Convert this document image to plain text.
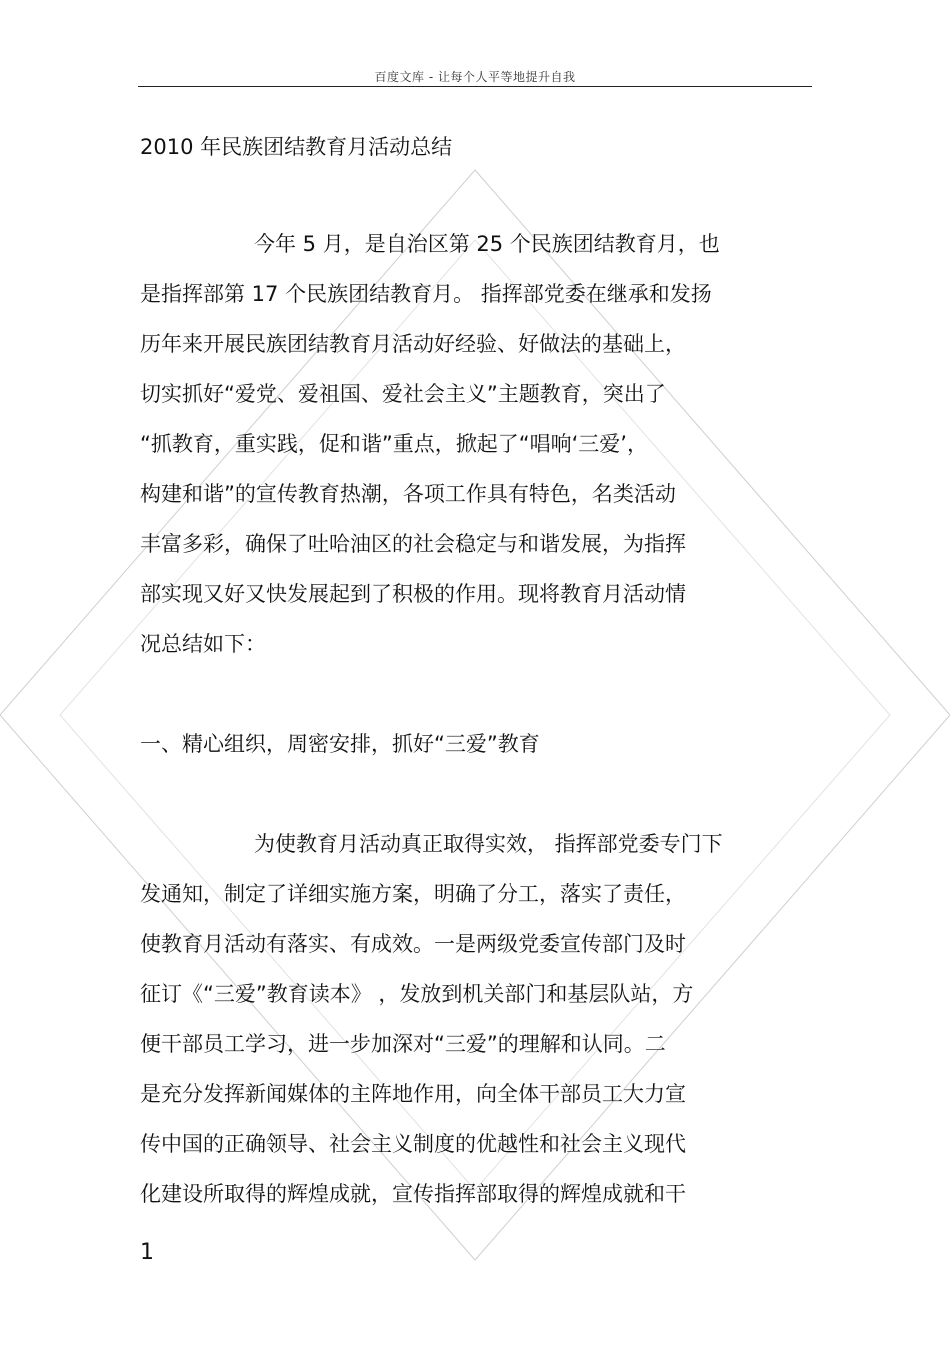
百度文库 - 让每个人平等地提升自我
2010 年民族团结教育月活动总结
今年 5 月，是自治区第 25 个民族团结教育月，也
是指挥部第 17 个民族团结教育月。 指挥部党委在继承和发扬
历年来开展民族团结教育月活动好经验、好做法的基础上，
切实抓好“爱党、爱祖国、爱社会主义”主题教育，突出了
“抓教育，重实践，促和谐”重点，掀起了“唱响‘三爱’，
构建和谐”的宣传教育热潮，各项工作具有特色，名类活动
丰富多彩，确保了吐哈油区的社会稳定与和谐发展，为指挥
部实现又好又快发展起到了积极的作用。现将教育月活动情
况总结如下：
一、精心组织，周密安排，抓好“三爱”教育
为使教育月活动真正取得实效， 指挥部党委专门下
发通知，制定了详细实施方案，明确了分工，落实了责任，
使教育月活动有落实、有成效。一是两级党委宣传部门及时
征订《“三爱”教育读本》 ，发放到机关部门和基层队站，方
便干部员工学习，进一步加深对“三爱”的理解和认同。二
是充分发挥新闻媒体的主阵地作用，向全体干部员工大力宣
传中国的正确领导、社会主义制度的优越性和社会主义现代
化建设所取得的辉煌成就，宣传指挥部取得的辉煌成就和干
1
